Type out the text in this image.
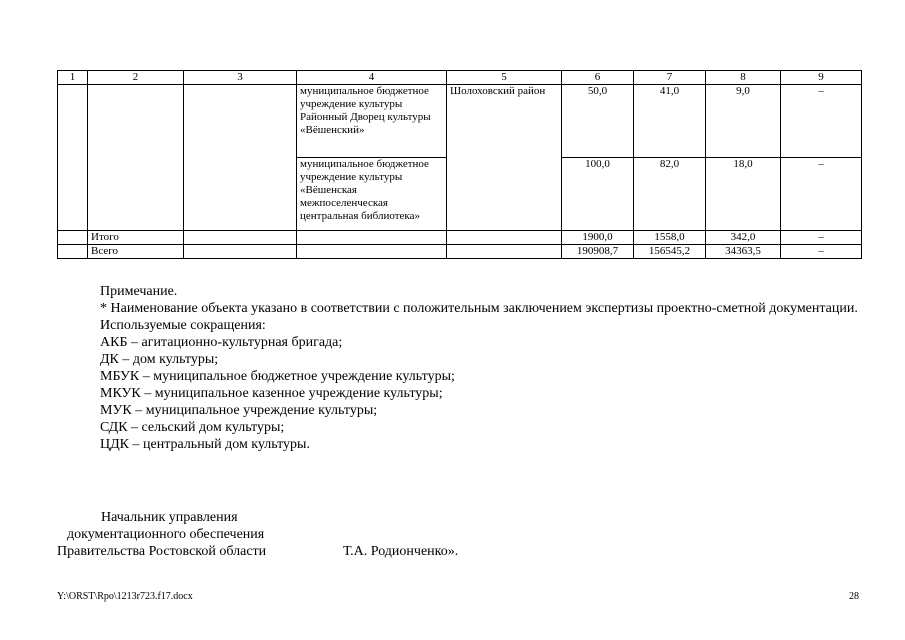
1	2	3	4	5	6	7	8	9
			муниципальное бюджетное учреждение культуры Районный Дворец культуры «Вёшенский»	Шолоховский район	50,0	41,0	9,0	–
			муниципальное бюджетное учреждение культуры «Вёшенская межпоселенческая центральная библиотека»		100,0	82,0	18,0	–
	Итого				1900,0	1558,0	342,0	–
	Всего				190908,7	156545,2	34363,5	–

Примечание.

* Наименование объекта указано в соответствии с положительным заключением экспертизы проектно-сметной документации.

Используемые сокращения:

АКБ – агитационно-культурная бригада;

ДК – дом культуры;

МБУК – муниципальное бюджетное учреждение культуры;

МКУК – муниципальное казенное учреждение культуры;

МУК – муниципальное учреждение культуры;

СДК – сельский дом культуры;

ЦДК – центральный дом культуры.

Начальник управления
документационного обеспечения
Правительства Ростовской области	Т.А. Родионченко».
Y:\ORST\Rpo\1213r723.f17.docx	28
